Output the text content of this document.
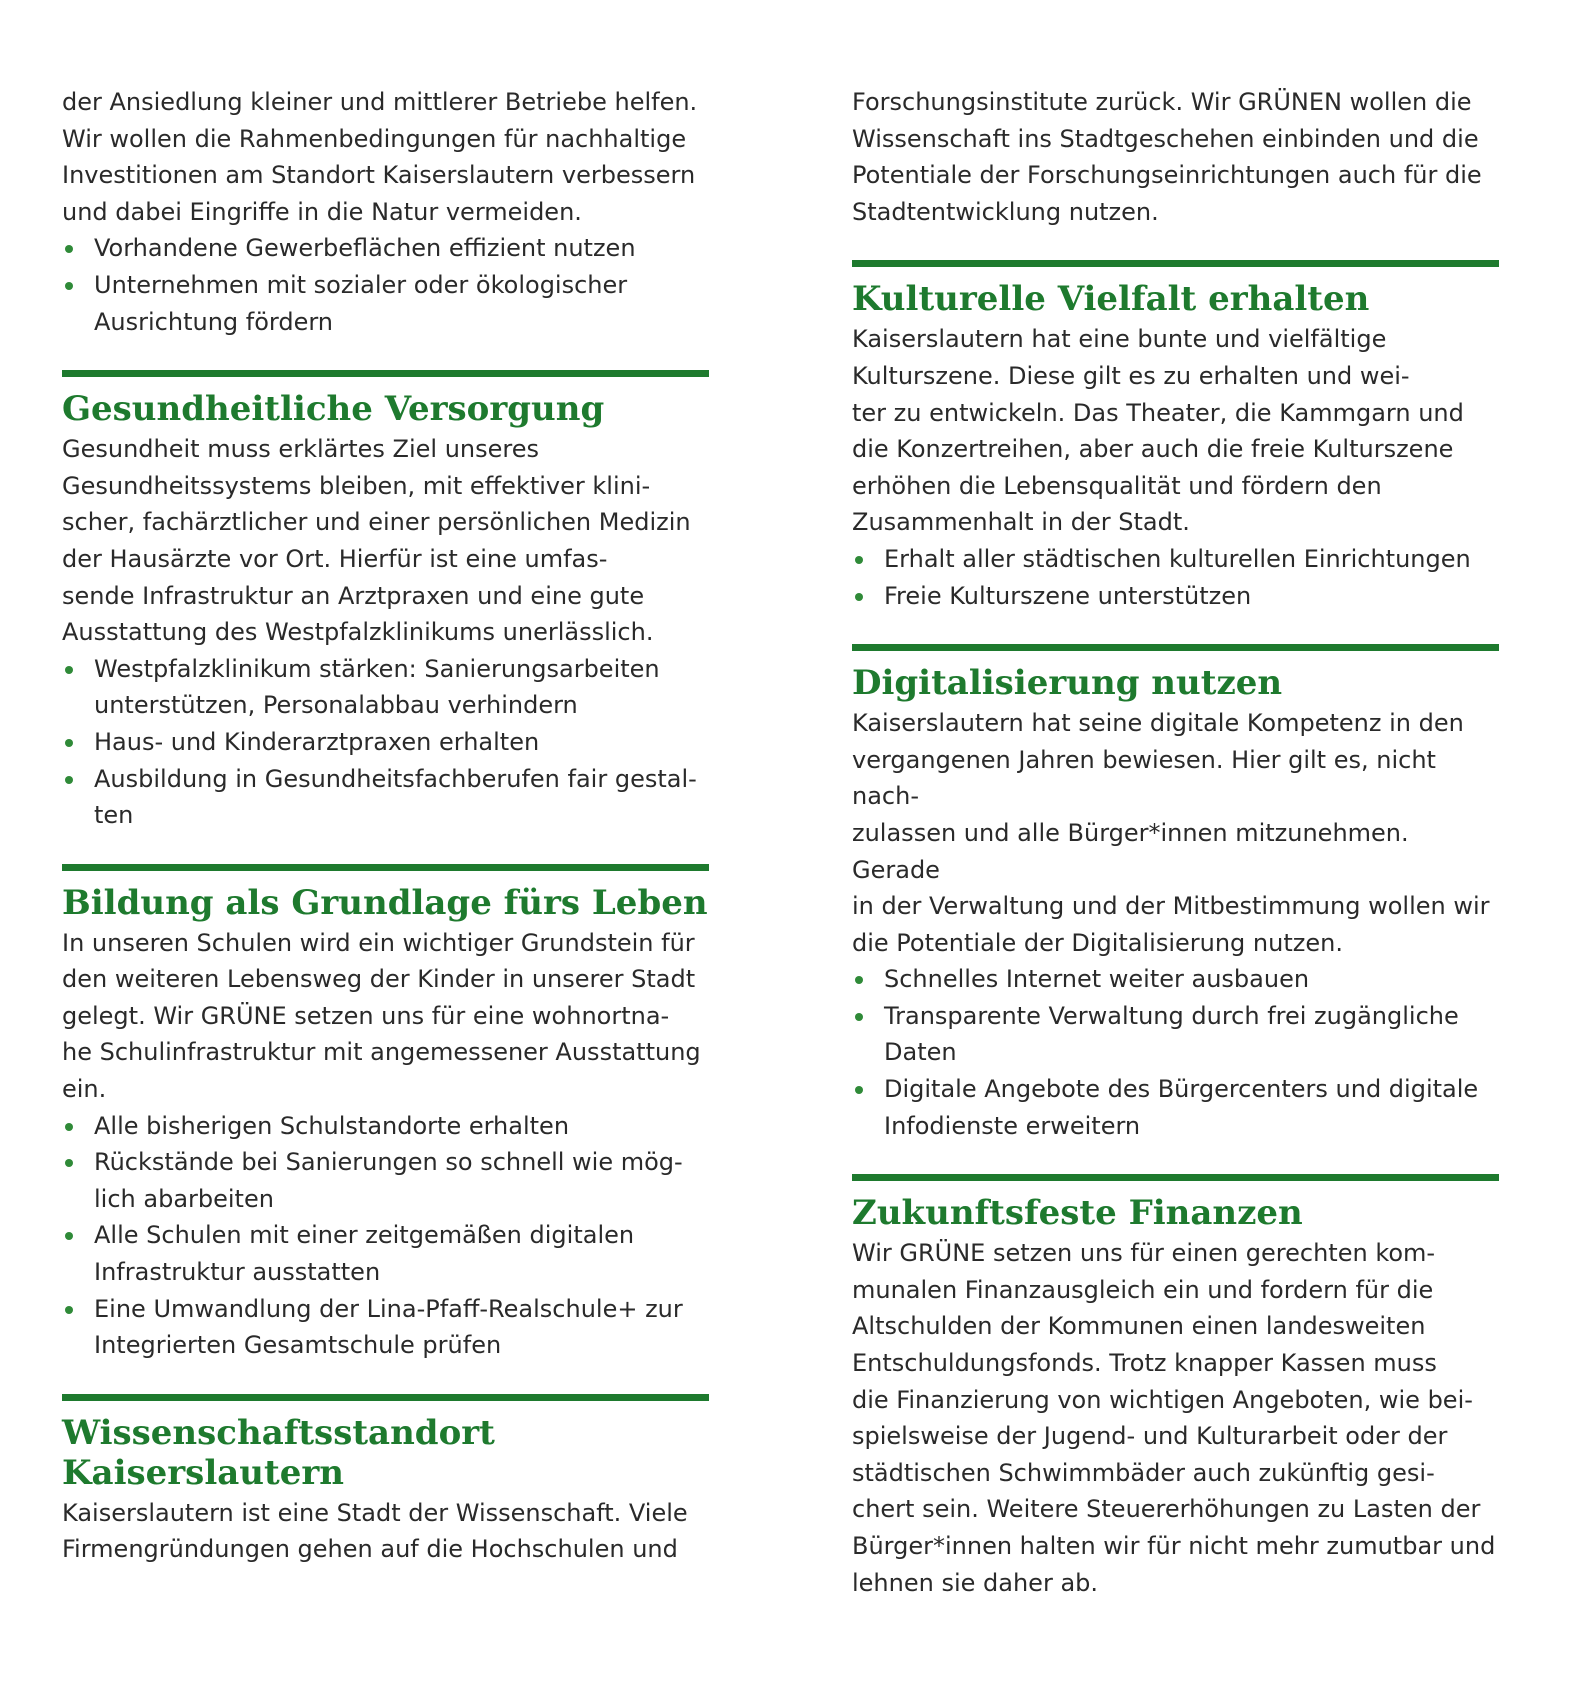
der Ansiedlung kleiner und mittlerer Betriebe helfen.
Wir wollen die Rahmenbedingungen für nachhaltige
Investitionen am Standort Kaiserslautern verbessern
und dabei Eingriffe in die Natur vermeiden.

Vorhandene Gewerbeflächen effizient nutzen
Unternehmen mit sozialer oder ökologischer
Ausrichtung fördern
Gesundheitliche Versorgung

Gesundheit muss erklärtes Ziel unseres
Gesundheitssystems bleiben, mit effektiver klini-
scher, fachärztlicher und einer persönlichen Medizin
der Hausärzte vor Ort. Hierfür ist eine umfas-
sende Infrastruktur an Arztpraxen und eine gute
Ausstattung des Westpfalzklinikums unerlässlich.

Westpfalzklinikum stärken: Sanierungsarbeiten
unterstützen, Personalabbau verhindern
Haus- und Kinderarztpraxen erhalten
Ausbildung in Gesundheitsfachberufen fair gestal-
ten
Bildung als Grundlage fürs Leben

In unseren Schulen wird ein wichtiger Grundstein für
den weiteren Lebensweg der Kinder in unserer Stadt
gelegt. Wir GRÜNE setzen uns für eine wohnortna-
he Schulinfrastruktur mit angemessener Ausstattung
ein.

Alle bisherigen Schulstandorte erhalten
Rückstände bei Sanierungen so schnell wie mög-
lich abarbeiten
Alle Schulen mit einer zeitgemäßen digitalen
Infrastruktur ausstatten
Eine Umwandlung der Lina-Pfaff-Realschule+ zur
Integrierten Gesamtschule prüfen
Wissenschaftsstandort
Kaiserslautern

Kaiserslautern ist eine Stadt der Wissenschaft. Viele
Firmengründungen gehen auf die Hochschulen und

Forschungsinstitute zurück. Wir GRÜNEN wollen die
Wissenschaft ins Stadtgeschehen einbinden und die
Potentiale der Forschungseinrichtungen auch für die
Stadtentwicklung nutzen.

Kulturelle Vielfalt erhalten

Kaiserslautern hat eine bunte und vielfältige
Kulturszene. Diese gilt es zu erhalten und wei-
ter zu entwickeln. Das Theater, die Kammgarn und
die Konzertreihen, aber auch die freie Kulturszene
erhöhen die Lebensqualität und fördern den
Zusammenhalt in der Stadt.

Erhalt aller städtischen kulturellen Einrichtungen
Freie Kulturszene unterstützen
Digitalisierung nutzen

Kaiserslautern hat seine digitale Kompetenz in den
vergangenen Jahren bewiesen. Hier gilt es, nicht nach-
zulassen und alle Bürger*innen mitzunehmen. Gerade
in der Verwaltung und der Mitbestimmung wollen wir
die Potentiale der Digitalisierung nutzen.

Schnelles Internet weiter ausbauen
Transparente Verwaltung durch frei zugängliche
Daten
Digitale Angebote des Bürgercenters und digitale
Infodienste erweitern
Zukunftsfeste Finanzen

Wir GRÜNE setzen uns für einen gerechten kom-
munalen Finanzausgleich ein und fordern für die
Altschulden der Kommunen einen landesweiten
Entschuldungsfonds. Trotz knapper Kassen muss
die Finanzierung von wichtigen Angeboten, wie bei-
spielsweise der Jugend- und Kulturarbeit oder der
städtischen Schwimmbäder auch zukünftig gesi-
chert sein. Weitere Steuererhöhungen zu Lasten der
Bürger*innen halten wir für nicht mehr zumutbar und
lehnen sie daher ab.
